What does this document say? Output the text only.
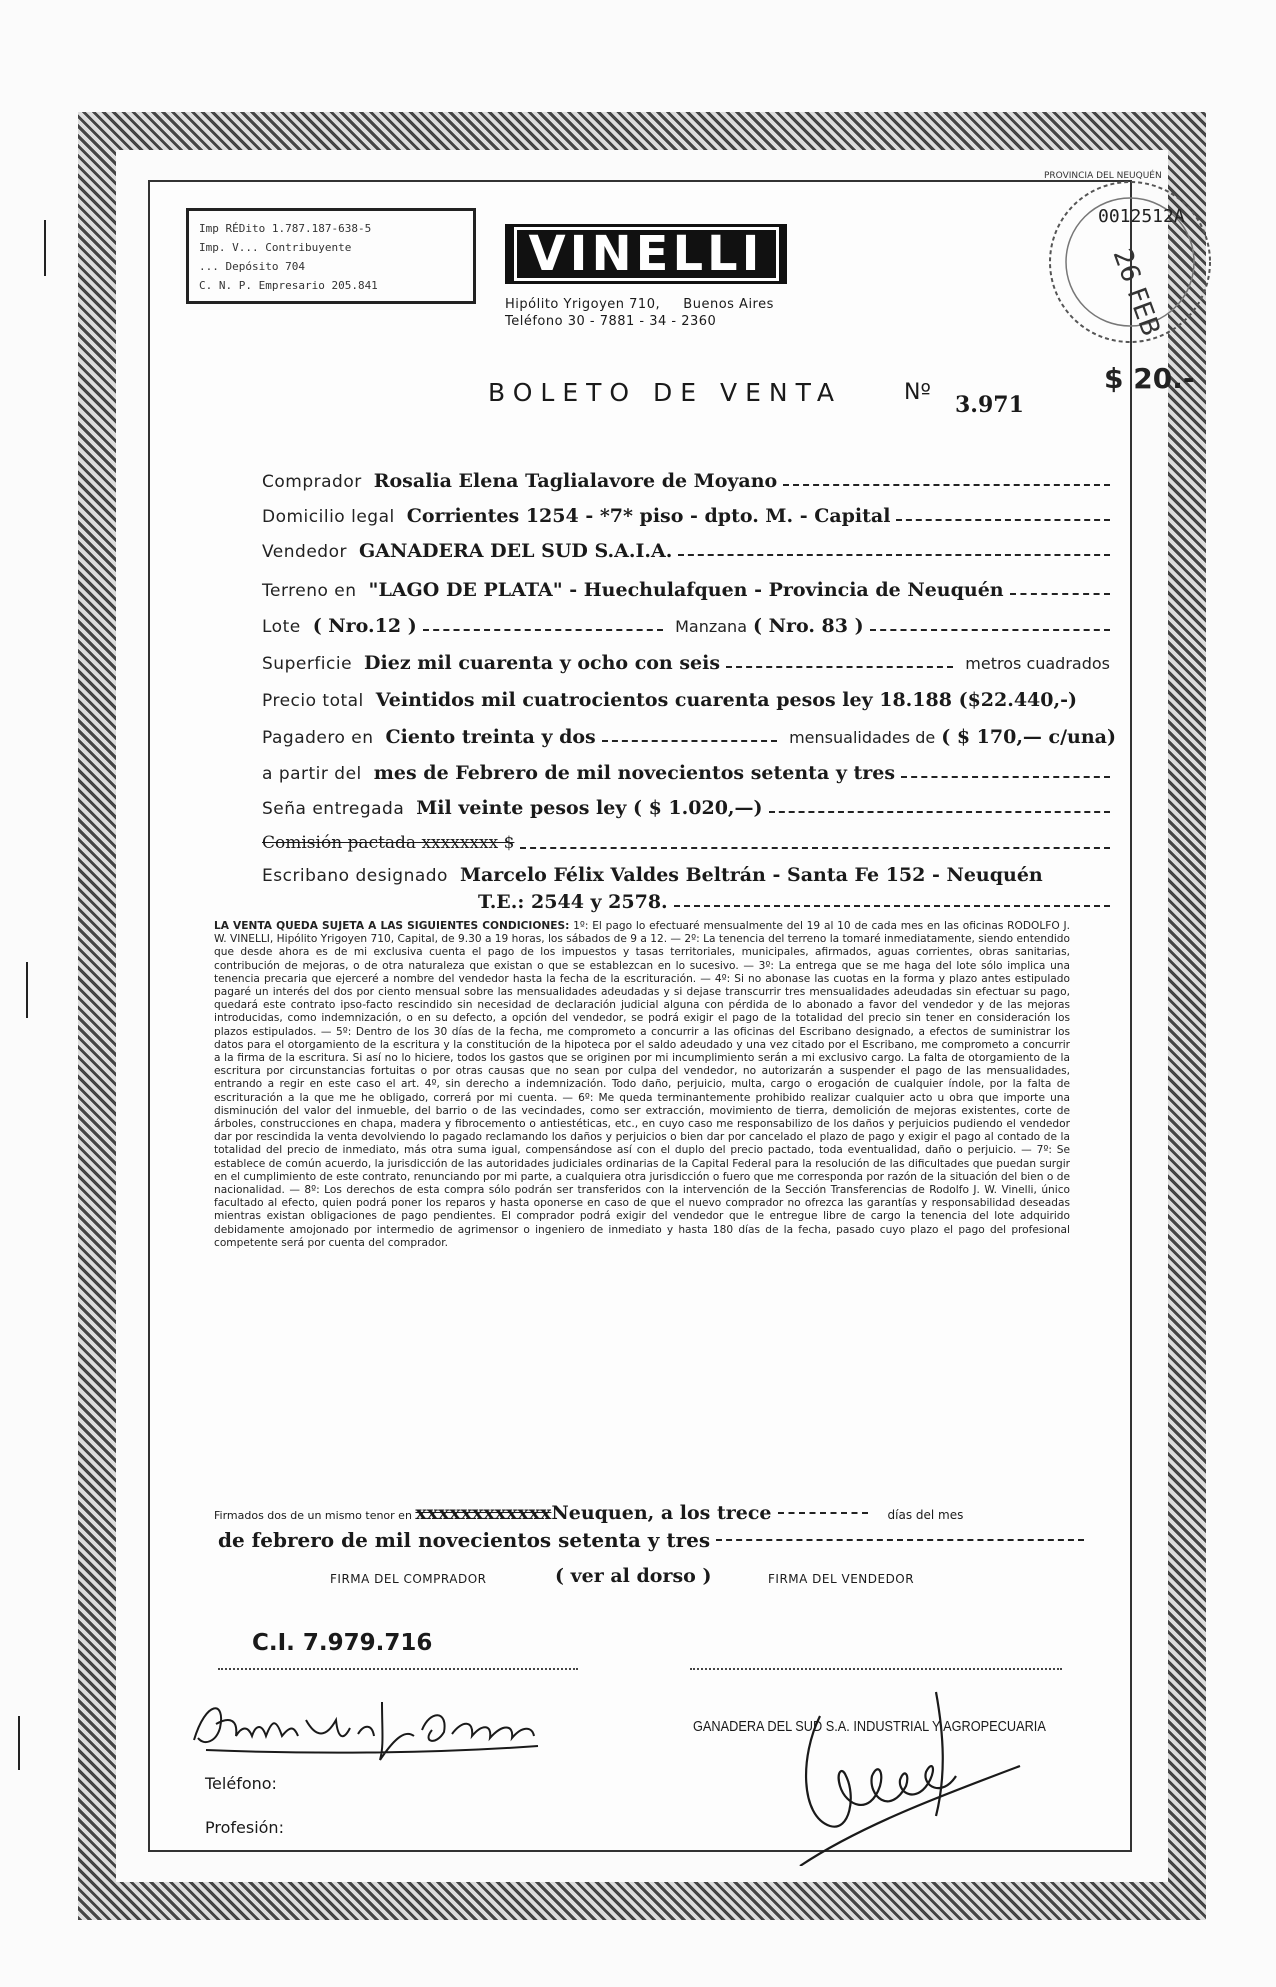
Imp RÉDito 1.787.187-638-5
Imp. V... Contribuyente
... Depósito 704
C. N. P. Empresario 205.841
VINELLI
Hipólito Yrigoyen 710, Buenos Aires
Teléfono 30 - 7881 - 34 - 2360
PROVINCIA DEL NEUQUÉN
0012512A
26 FEB
$ 20.-
BOLETO DE VENTA	Nº 3.971
Comprador Rosalia Elena Taglialavore de Moyano
Domicilio legal Corrientes 1254 - *7* piso - dpto. M. - Capital
Vendedor GANADERA DEL SUD S.A.I.A.
Terreno en "LAGO DE PLATA" - Huechulafquen - Provincia de Neuquén
Lote ( Nro.12 )	Manzana ( Nro. 83 )
Superficie Diez mil cuarenta y ocho con seis	metros cuadrados
Precio total Veintidos mil cuatrocientos cuarenta pesos ley 18.188 ($22.440,-)
Pagadero en Ciento treinta y dos	mensualidades de ( $ 170,— c/una)
a partir del mes de Febrero de mil novecientos setenta y tres
Seña entregada Mil veinte pesos ley ( $ 1.020,—)
Comisión pactada xxxxxxxx $
Escribano designado Marcelo Félix Valdes Beltrán - Santa Fe 152 - Neuquén
T.E.: 2544 y 2578.
LA VENTA QUEDA SUJETA A LAS SIGUIENTES CONDICIONES: 1º: El pago lo efectuaré mensualmente del 19 al 10 de cada mes en las oficinas RODOLFO J. W. VINELLI, Hipólito Yrigoyen 710, Capital, de 9.30 a 19 horas, los sábados de 9 a 12. — 2º: La tenencia del terreno la tomaré inmediatamente, siendo entendido que desde ahora es de mi exclusiva cuenta el pago de los impuestos y tasas territoriales, municipales, afirmados, aguas corrientes, obras sanitarias, contribución de mejoras, o de otra naturaleza que existan o que se establezcan en lo sucesivo. — 3º: La entrega que se me haga del lote sólo implica una tenencia precaria que ejerceré a nombre del vendedor hasta la fecha de la escrituración. — 4º: Si no abonase las cuotas en la forma y plazo antes estipulado pagaré un interés del dos por ciento mensual sobre las mensualidades adeudadas y si dejase transcurrir tres mensualidades adeudadas sin efectuar su pago, quedará este contrato ipso-facto rescindido sin necesidad de declaración judicial alguna con pérdida de lo abonado a favor del vendedor y de las mejoras introducidas, como indemnización, o en su defecto, a opción del vendedor, se podrá exigir el pago de la totalidad del precio sin tener en consideración los plazos estipulados. — 5º: Dentro de los 30 días de la fecha, me comprometo a concurrir a las oficinas del Escribano designado, a efectos de suministrar los datos para el otorgamiento de la escritura y la constitución de la hipoteca por el saldo adeudado y una vez citado por el Escribano, me comprometo a concurrir a la firma de la escritura. Si así no lo hiciere, todos los gastos que se originen por mi incumplimiento serán a mi exclusivo cargo. La falta de otorgamiento de la escritura por circunstancias fortuitas o por otras causas que no sean por culpa del vendedor, no autorizarán a suspender el pago de las mensualidades, entrando a regir en este caso el art. 4º, sin derecho a indemnización. Todo daño, perjuicio, multa, cargo o erogación de cualquier índole, por la falta de escrituración a la que me he obligado, correrá por mi cuenta. — 6º: Me queda terminantemente prohibido realizar cualquier acto u obra que importe una disminución del valor del inmueble, del barrio o de las vecindades, como ser extracción, movimiento de tierra, demolición de mejoras existentes, corte de árboles, construcciones en chapa, madera y fibrocemento o antiestéticas, etc., en cuyo caso me responsabilizo de los daños y perjuicios pudiendo el vendedor dar por rescindida la venta devolviendo lo pagado reclamando los daños y perjuicios o bien dar por cancelado el plazo de pago y exigir el pago al contado de la totalidad del precio de inmediato, más otra suma igual, compensándose así con el duplo del precio pactado, toda eventualidad, daño o perjuicio. — 7º: Se establece de común acuerdo, la jurisdicción de las autoridades judiciales ordinarias de la Capital Federal para la resolución de las dificultades que puedan surgir en el cumplimiento de este contrato, renunciando por mi parte, a cualquiera otra jurisdicción o fuero que me corresponda por razón de la situación del bien o de nacionalidad. — 8º: Los derechos de esta compra sólo podrán ser transferidos con la intervención de la Sección Transferencias de Rodolfo J. W. Vinelli, único facultado al efecto, quien podrá poner los reparos y hasta oponerse en caso de que el nuevo comprador no ofrezca las garantías y responsabilidad deseadas mientras existan obligaciones de pago pendientes. El comprador podrá exigir del vendedor que le entregue libre de cargo la tenencia del lote adquirido debidamente amojonado por intermedio de agrimensor o ingeniero de inmediato y hasta 180 días de la fecha, pasado cuyo plazo el pago del profesional competente será por cuenta del comprador.
Firmados dos de un mismo tenor en
xxxxxxxxxxxx Neuquen, a los trece	días del mes
de febrero de mil novecientos setenta y tres
FIRMA DEL COMPRADOR	( ver al dorso )	FIRMA DEL VENDEDOR
C.I. 7.979.716
GANADERA DEL SUD S.A. INDUSTRIAL Y AGROPECUARIA
Teléfono:
Profesión:
